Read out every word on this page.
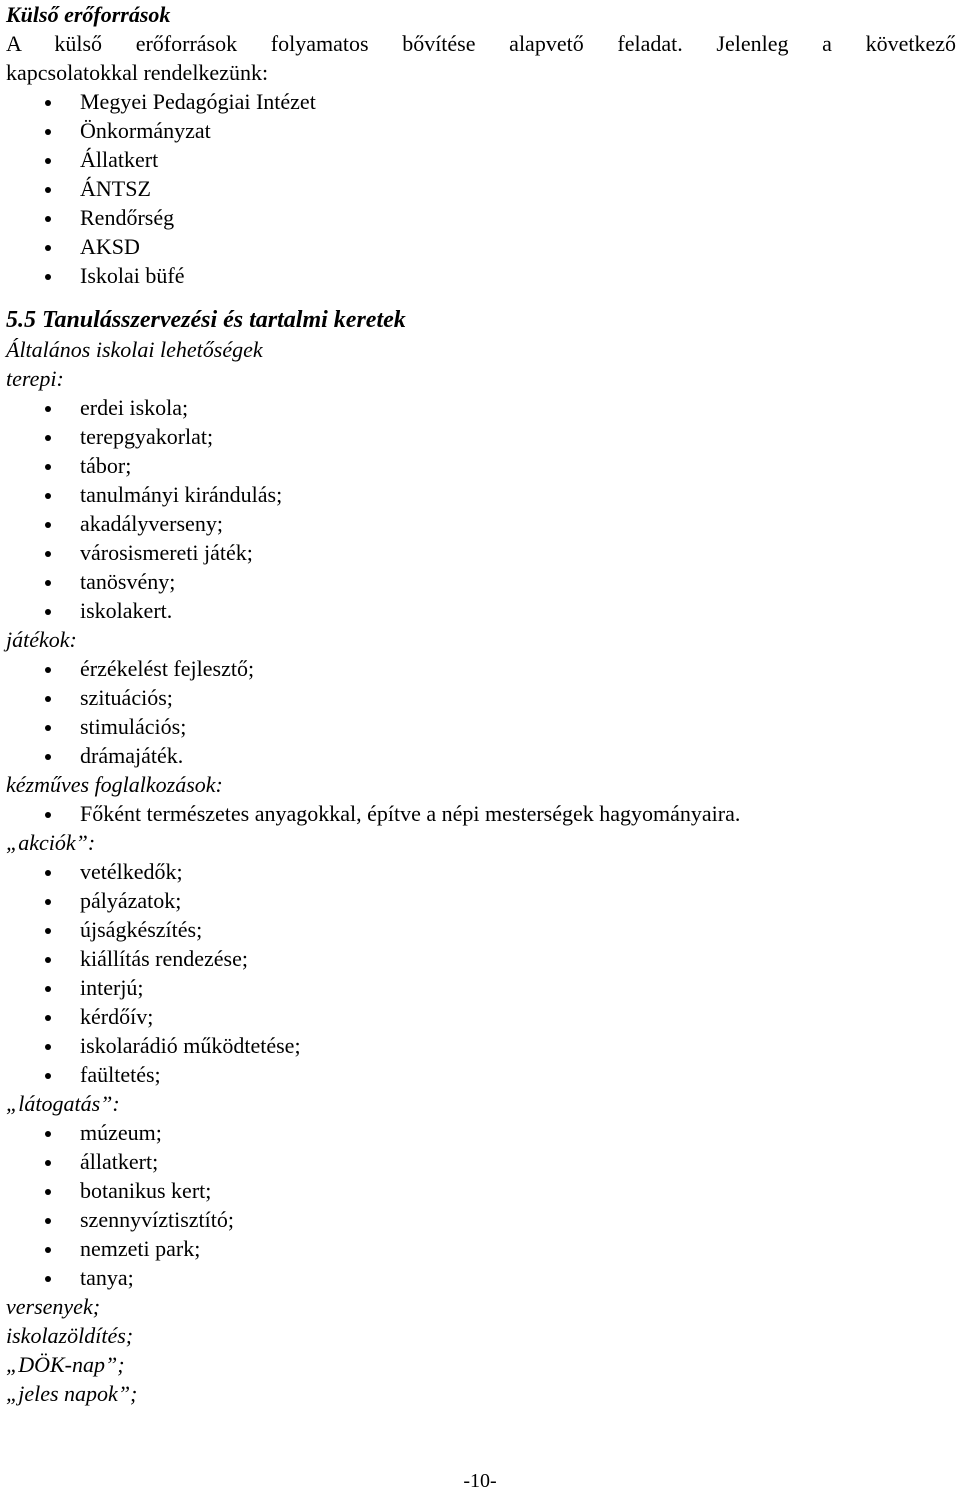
Külső erőforrások
A külső erőforrások folyamatos bővítése alapvető feladat. Jelenleg a következő
kapcsolatokkal rendelkezünk:
Megyei Pedagógiai Intézet
Önkormányzat
Állatkert
ÁNTSZ
Rendőrség
AKSD
Iskolai büfé
5.5 Tanulásszervezési és tartalmi keretek
Általános iskolai lehetőségek
terepi:
erdei iskola;
terepgyakorlat;
tábor;
tanulmányi kirándulás;
akadályverseny;
városismereti játék;
tanösvény;
iskolakert.
játékok:
érzékelést fejlesztő;
szituációs;
stimulációs;
drámajáték.
kézműves foglalkozások:
Főként természetes anyagokkal, építve a népi mesterségek hagyományaira.
„akciók”:
vetélkedők;
pályázatok;
újságkészítés;
kiállítás rendezése;
interjú;
kérdőív;
iskolarádió működtetése;
faültetés;
„látogatás”:
múzeum;
állatkert;
botanikus kert;
szennyvíztisztító;
nemzeti park;
tanya;
versenyek;
iskolazöldítés;
„DÖK-nap”;
„jeles napok”;
-10-
